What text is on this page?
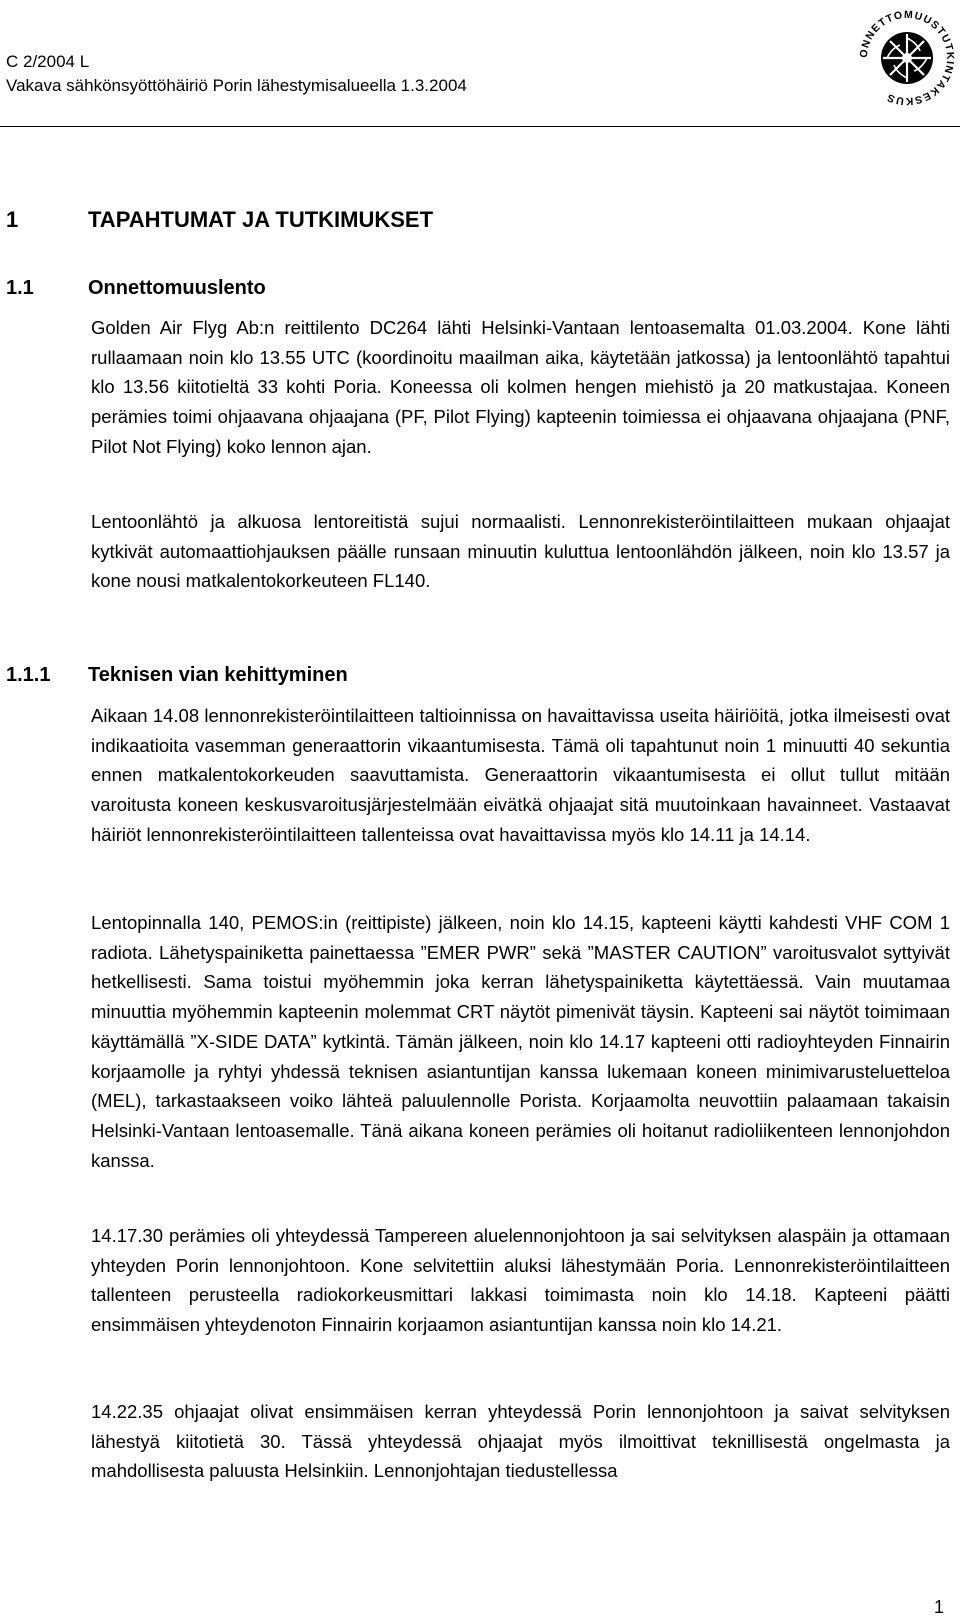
C 2/2004 L
Vakava sähkönsyöttöhäiriö Porin lähestymisalueella 1.3.2004
ONNETTOMUUSTUTKINTAKESKUS
1	TAPAHTUMAT JA TUTKIMUKSET
1.1	Onnettomuuslento
Golden Air Flyg Ab:n reittilento DC264 lähti Helsinki-Vantaan lentoasemalta 01.03.2004. Kone lähti rullaamaan noin klo 13.55 UTC (koordinoitu maailman aika, käytetään jatkossa) ja lentoonlähtö tapahtui klo 13.56 kiitotieltä 33 kohti Poria. Koneessa oli kolmen hengen miehistö ja 20 matkustajaa. Koneen perämies toimi ohjaavana ohjaajana (PF, Pilot Flying) kapteenin toimiessa ei ohjaavana ohjaajana (PNF, Pilot Not Flying) koko lennon ajan.
Lentoonlähtö ja alkuosa lentoreitistä sujui normaalisti. Lennonrekisteröintilaitteen mukaan ohjaajat kytkivät automaattiohjauksen päälle runsaan minuutin kuluttua lentoonlähdön jälkeen, noin klo 13.57 ja kone nousi matkalentokorkeuteen FL140.
1.1.1 Teknisen vian kehittyminen
Aikaan 14.08 lennonrekisteröintilaitteen taltioinnissa on havaittavissa useita häiriöitä, jotka ilmeisesti ovat indikaatioita vasemman generaattorin vikaantumisesta. Tämä oli tapahtunut noin 1 minuutti 40 sekuntia ennen matkalentokorkeuden saavuttamista. Generaattorin vikaantumisesta ei ollut tullut mitään varoitusta koneen keskusvaroitusjärjestelmään eivätkä ohjaajat sitä muutoinkaan havainneet. Vastaavat häiriöt lennonrekisteröintilaitteen tallenteissa ovat havaittavissa myös klo 14.11 ja 14.14.
Lentopinnalla 140, PEMOS:in (reittipiste) jälkeen, noin klo 14.15, kapteeni käytti kahdesti VHF COM 1 radiota. Lähetyspainiketta painettaessa ”EMER PWR” sekä ”MASTER CAUTION” varoitusvalot syttyivät hetkellisesti. Sama toistui myöhemmin joka kerran lähetyspainiketta käytettäessä. Vain muutamaa minuuttia myöhemmin kapteenin molemmat CRT näytöt pimenivät täysin. Kapteeni sai näytöt toimimaan käyttämällä ”X-SIDE DATA” kytkintä. Tämän jälkeen, noin klo 14.17 kapteeni otti radioyhteyden Finnairin korjaamolle ja ryhtyi yhdessä teknisen asiantuntijan kanssa lukemaan koneen minimivarusteluetteloa (MEL), tarkastaakseen voiko lähteä paluulennolle Porista. Korjaamolta neuvottiin palaamaan takaisin Helsinki-Vantaan lentoasemalle. Tänä aikana koneen perämies oli hoitanut radioliikenteen lennonjohdon kanssa.
14.17.30 perämies oli yhteydessä Tampereen aluelennonjohtoon ja sai selvityksen alaspäin ja ottamaan yhteyden Porin lennonjohtoon. Kone selvitettiin aluksi lähestymään Poria. Lennonrekisteröintilaitteen tallenteen perusteella radiokorkeusmittari lakkasi toimimasta noin klo 14.18. Kapteeni päätti ensimmäisen yhteydenoton Finnairin korjaamon asiantuntijan kanssa noin klo 14.21.
14.22.35 ohjaajat olivat ensimmäisen kerran yhteydessä Porin lennonjohtoon ja saivat selvityksen lähestyä kiitotietä 30. Tässä yhteydessä ohjaajat myös ilmoittivat teknillisestä ongelmasta ja mahdollisesta paluusta Helsinkiin. Lennonjohtajan tiedustellessa
1
